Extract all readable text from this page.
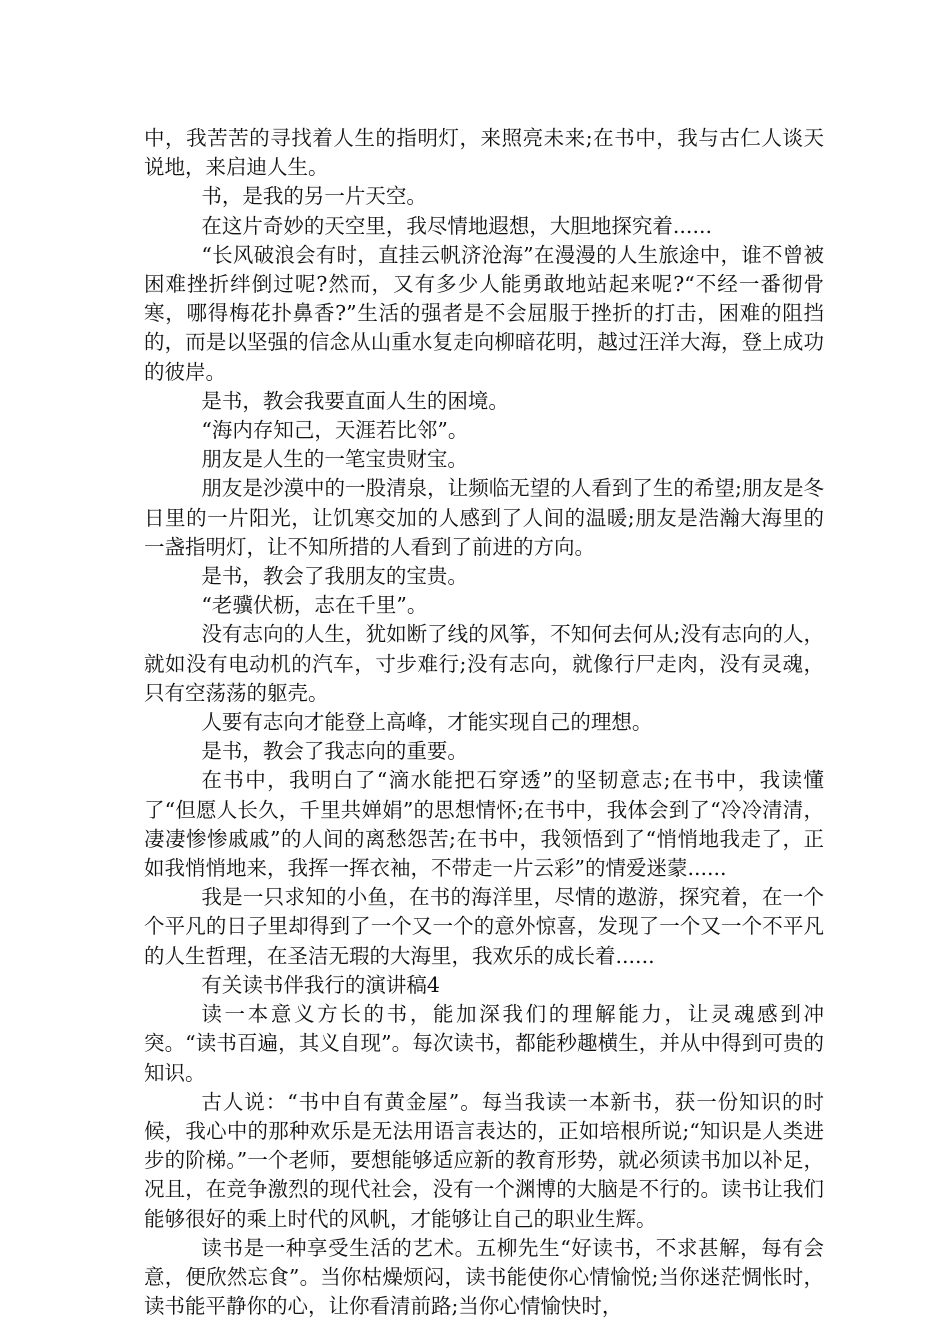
中，我苦苦的寻找着人生的指明灯，来照亮未来;在书中，我与古仁人谈天说地，来启迪人生。

书，是我的另一片天空。

在这片奇妙的天空里，我尽情地遐想，大胆地探究着......

“长风破浪会有时，直挂云帆济沧海”在漫漫的人生旅途中，谁不曾被困难挫折绊倒过呢?然而，又有多少人能勇敢地站起来呢?“不经一番彻骨寒，哪得梅花扑鼻香?”生活的强者是不会屈服于挫折的打击，困难的阻挡的，而是以坚强的信念从山重水复走向柳暗花明，越过汪洋大海，登上成功的彼岸。

是书，教会我要直面人生的困境。

“海内存知己，天涯若比邻”。

朋友是人生的一笔宝贵财宝。

朋友是沙漠中的一股清泉，让频临无望的人看到了生的希望;朋友是冬日里的一片阳光，让饥寒交加的人感到了人间的温暖;朋友是浩瀚大海里的一盏指明灯，让不知所措的人看到了前进的方向。

是书，教会了我朋友的宝贵。

“老骥伏枥，志在千里”。

没有志向的人生，犹如断了线的风筝，不知何去何从;没有志向的人，就如没有电动机的汽车，寸步难行;没有志向，就像行尸走肉，没有灵魂，只有空荡荡的躯壳。

人要有志向才能登上高峰，才能实现自己的理想。

是书，教会了我志向的重要。

在书中，我明白了“滴水能把石穿透”的坚韧意志;在书中，我读懂了“但愿人长久，千里共婵娟”的思想情怀;在书中，我体会到了“冷冷清清，凄凄惨惨戚戚”的人间的离愁怨苦;在书中，我领悟到了“悄悄地我走了，正如我悄悄地来，我挥一挥衣袖，不带走一片云彩”的情爱迷蒙......

我是一只求知的小鱼，在书的海洋里，尽情的遨游，探究着，在一个个平凡的日子里却得到了一个又一个的意外惊喜，发现了一个又一个不平凡的人生哲理，在圣洁无瑕的大海里，我欢乐的成长着......

有关读书伴我行的演讲稿4

读一本意义方长的书，能加深我们的理解能力，让灵魂感到冲突。“读书百遍，其义自现”。每次读书，都能秒趣横生，并从中得到可贵的知识。

古人说：“书中自有黄金屋”。每当我读一本新书，获一份知识的时候，我心中的那种欢乐是无法用语言表达的，正如培根所说;“知识是人类进步的阶梯。”一个老师，要想能够适应新的教育形势，就必须读书加以补足，况且，在竞争激烈的现代社会，没有一个渊博的大脑是不行的。读书让我们能够很好的乘上时代的风帆，才能够让自己的职业生辉。

读书是一种享受生活的艺术。五柳先生“好读书，不求甚解，每有会意，便欣然忘食”。当你枯燥烦闷，读书能使你心情愉悦;当你迷茫惆怅时，读书能平静你的心，让你看清前路;当你心情愉快时，
